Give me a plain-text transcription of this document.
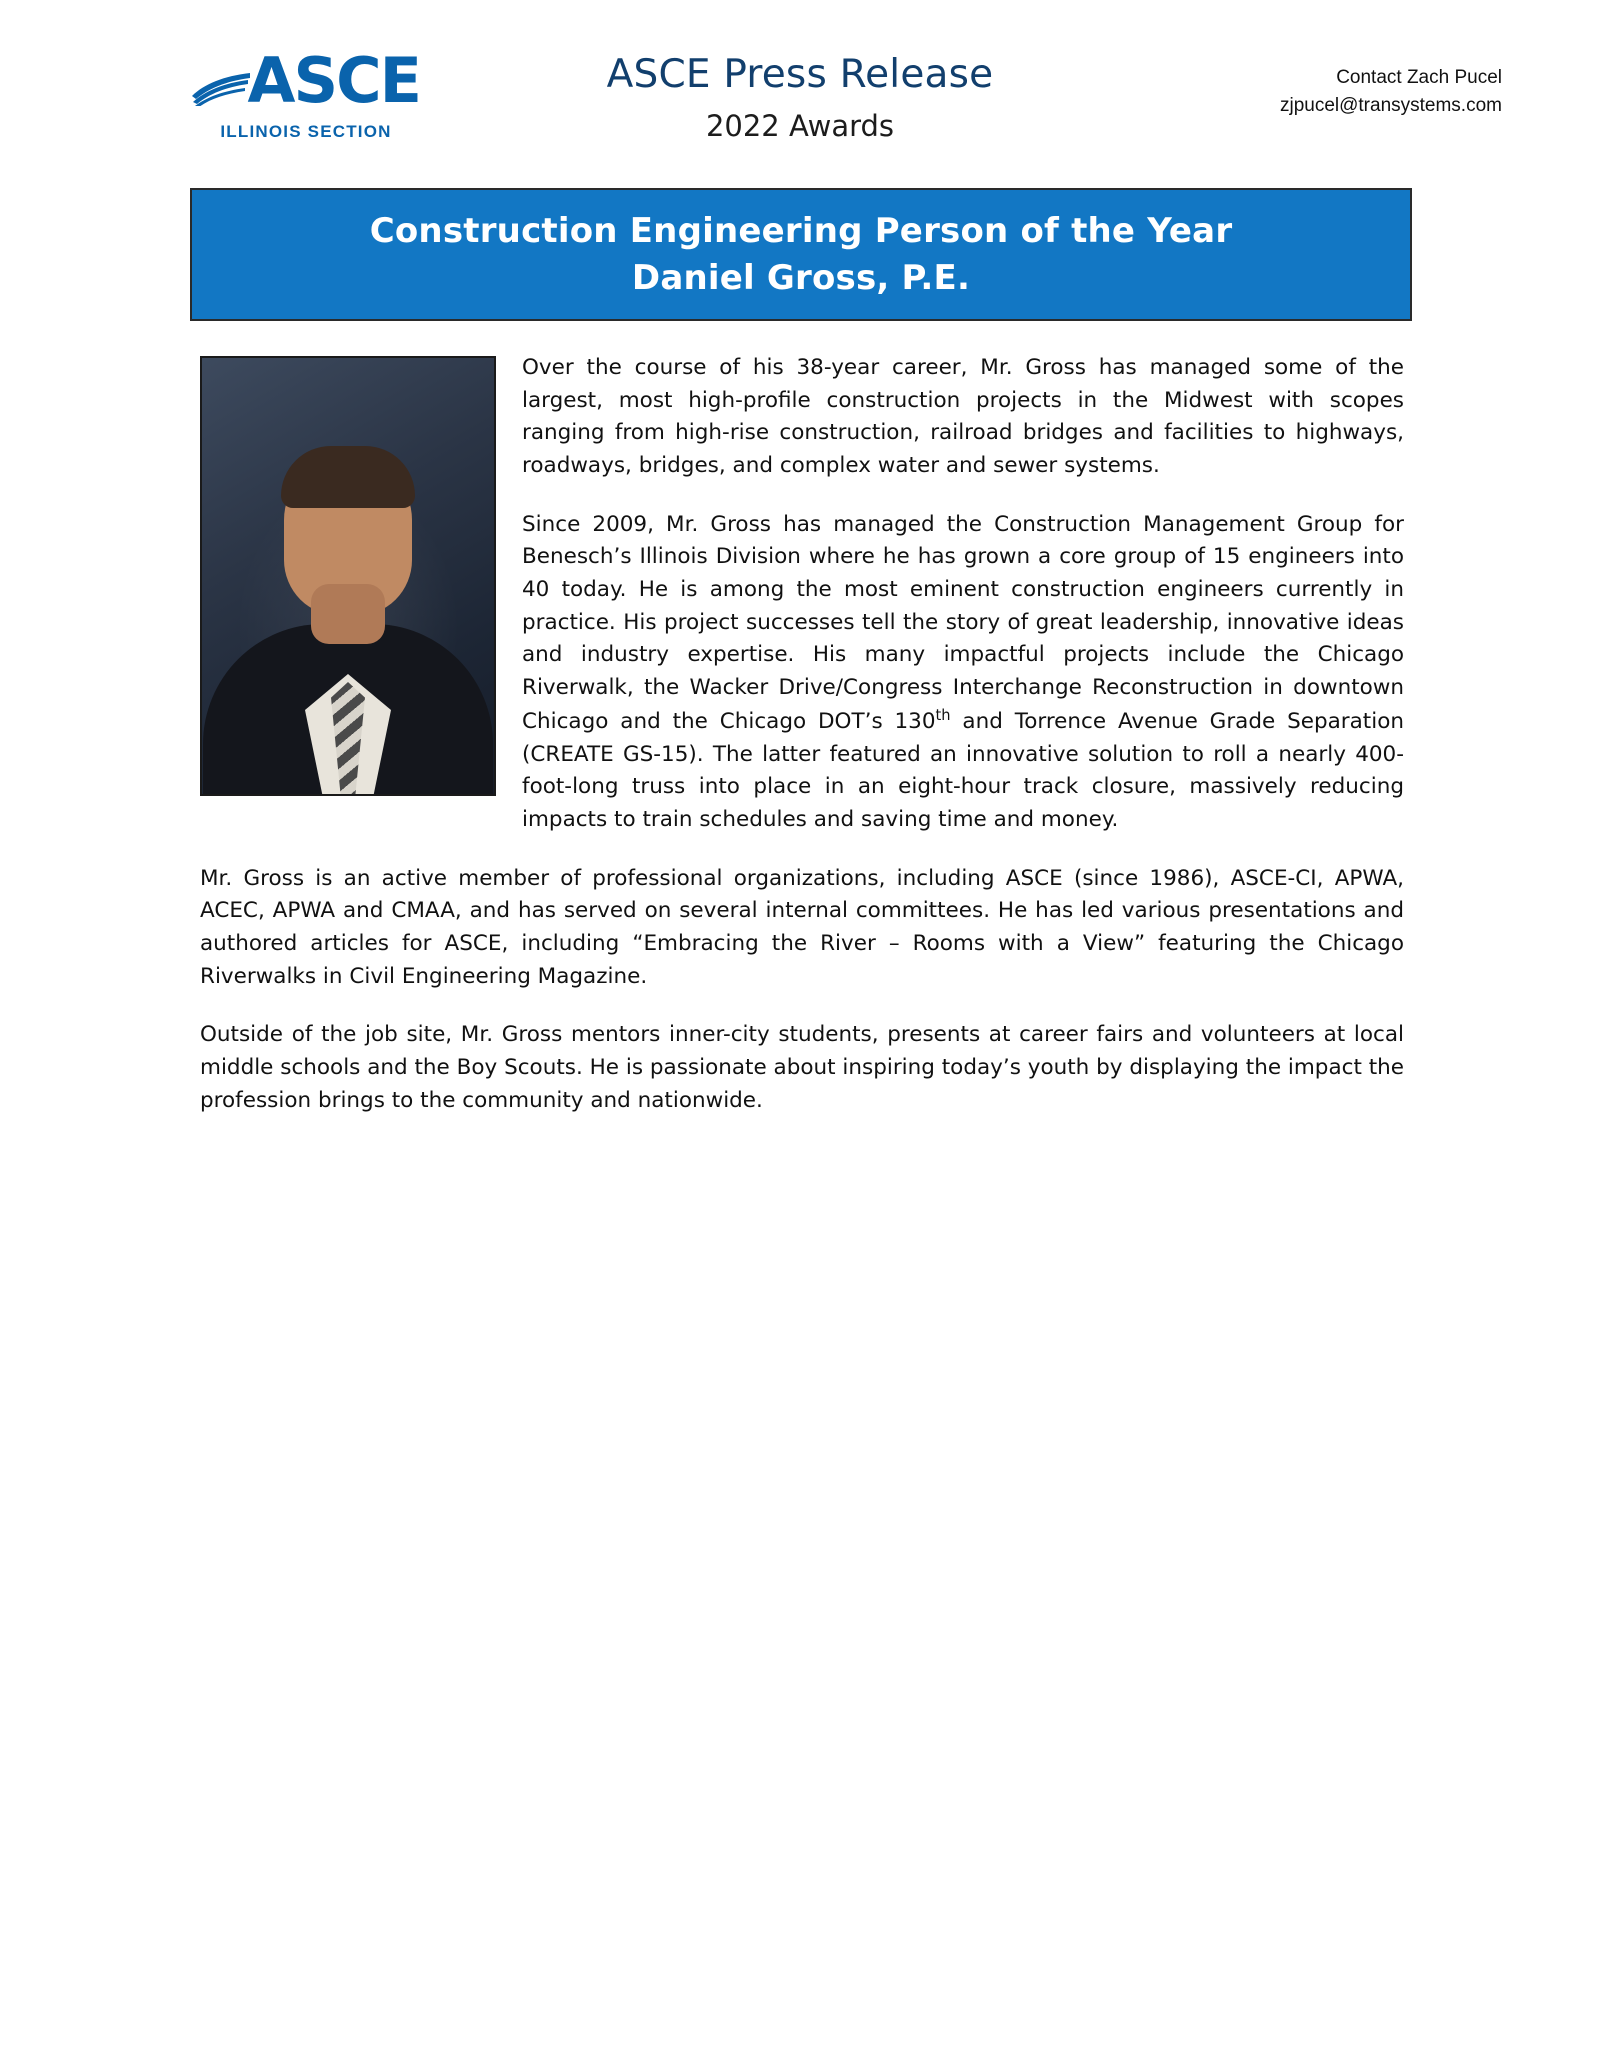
ASCE
ILLINOIS SECTION
ASCE Press Release
2022 Awards
Contact Zach Pucel
zjpucel@transystems.com
Construction Engineering Person of the Year
Daniel Gross, P.E.

Over the course of his 38-year career, Mr. Gross has managed some of the largest, most high-profile construction projects in the Midwest with scopes ranging from high-rise construction, railroad bridges and facilities to highways, roadways, bridges, and complex water and sewer systems.

Since 2009, Mr. Gross has managed the Construction Management Group for Benesch’s Illinois Division where he has grown a core group of 15 engineers into 40 today. He is among the most eminent construction engineers currently in practice. His project successes tell the story of great leadership, innovative ideas and industry expertise. His many impactful projects include the Chicago Riverwalk, the Wacker Drive/Congress Interchange Reconstruction in downtown Chicago and the Chicago DOT’s 130th and Torrence Avenue Grade Separation (CREATE GS-15). The latter featured an innovative solution to roll a nearly 400-foot-long truss into place in an eight-hour track closure, massively reducing impacts to train schedules and saving time and money.

Mr. Gross is an active member of professional organizations, including ASCE (since 1986), ASCE-CI, APWA, ACEC, APWA and CMAA, and has served on several internal committees. He has led various presentations and authored articles for ASCE, including “Embracing the River – Rooms with a View” featuring the Chicago Riverwalks in Civil Engineering Magazine.

Outside of the job site, Mr. Gross mentors inner-city students, presents at career fairs and volunteers at local middle schools and the Boy Scouts. He is passionate about inspiring today’s youth by displaying the impact the profession brings to the community and nationwide.
